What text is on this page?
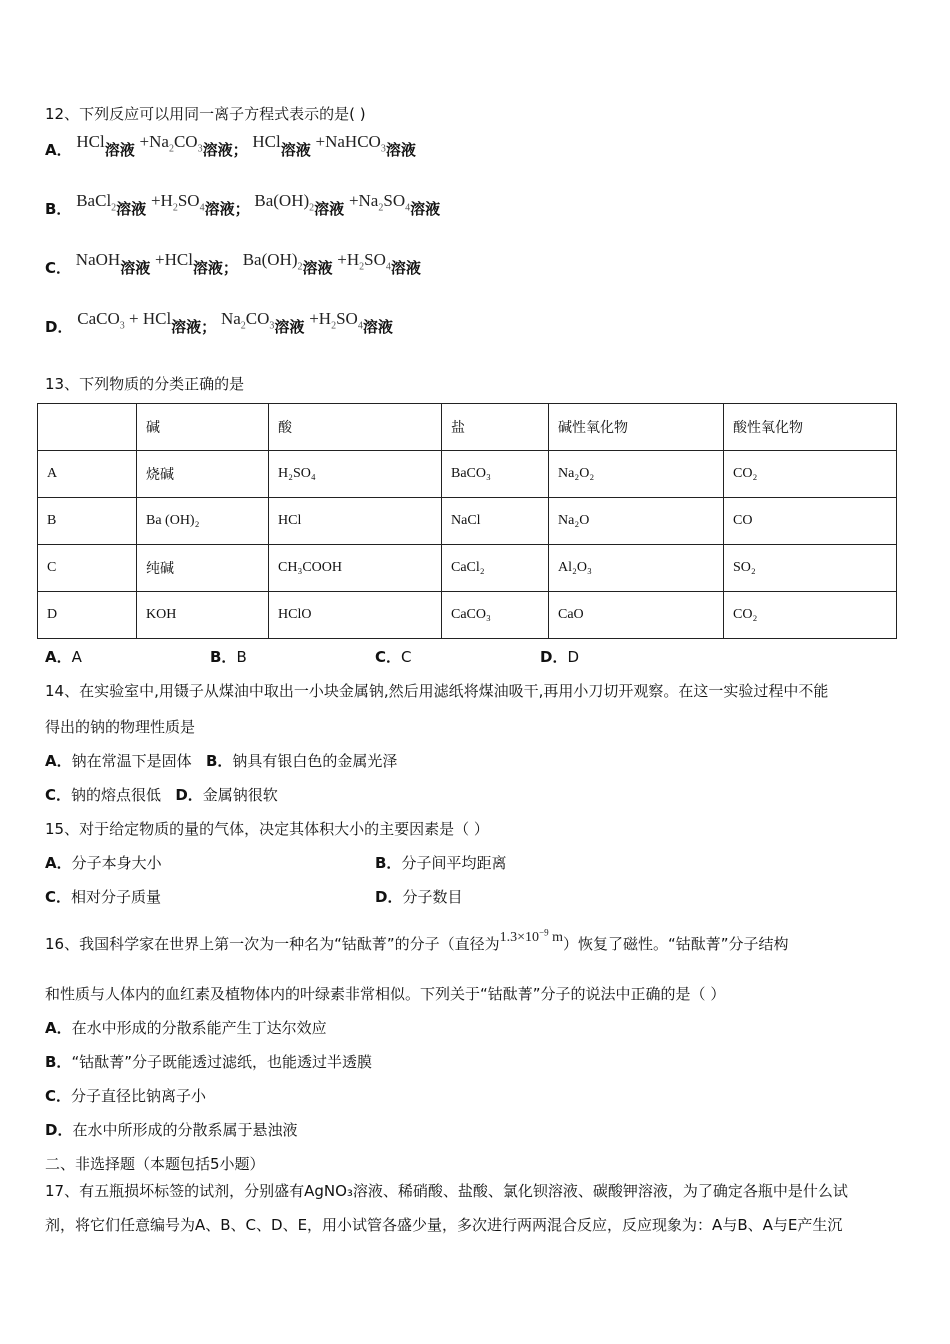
12、下列反应可以用同一离子方程式表示的是( )
A． HCl溶液 $+Na_2CO_3$溶液； HCl溶液 +NaHCO$_3$溶液
B． BaCl$_2$溶液 $+H_2SO_4$溶液； $Ba(OH)_2$溶液 $+Na_2SO_4$溶液
C． NaOH溶液 +HCl溶液； $Ba(OH)_2$溶液 $+H_2SO_4$溶液
D． CaCO$_3$ + HCl溶液； $Na_2CO_3$溶液 $+H_2SO_4$溶液
13、下列物质的分类正确的是
	碱	酸	盐	碱性氧化物	酸性氧化物
A	烧碱	H₂SO₄	BaCO₃	Na₂O₂	CO₂
B	Ba (OH)₂	HCl	NaCl	Na₂O	CO
C	纯碱	CH₃COOH	CaCl₂	Al₂O₃	SO₂
D	KOH	HClO	CaCO₃	CaO	CO₂
A．A	B．B	C．C	D．D
14、在实验室中,用镊子从煤油中取出一小块金属钠,然后用滤纸将煤油吸干,再用小刀切开观察。在这一实验过程中不能
得出的钠的物理性质是
A．钠在常温下是固体 B．钠具有银白色的金属光泽
C．钠的熔点很低 D．金属钠很软
15、对于给定物质的量的气体，决定其体积大小的主要因素是（ ）
A．分子本身大小	B．分子间平均距离
C．相对分子质量	D．分子数目
16、我国科学家在世界上第一次为一种名为“钴酞菁”的分子（直径为$1.3\times 10^{-9}$ m）恢复了磁性。“钴酞菁”分子结构
和性质与人体内的血红素及植物体内的叶绿素非常相似。下列关于“钴酞菁”分子的说法中正确的是（ ）
A．在水中形成的分散系能产生丁达尔效应
B．“钴酞菁”分子既能透过滤纸，也能透过半透膜
C．分子直径比钠离子小
D．在水中所形成的分散系属于悬浊液
二、非选择题（本题包括5小题）
17、有五瓶损坏标签的试剂，分别盛有AgNO₃溶液、稀硝酸、盐酸、氯化钡溶液、碳酸钾溶液，为了确定各瓶中是什么试
剂，将它们任意编号为A、B、C、D、E，用小试管各盛少量，多次进行两两混合反应，反应现象为：A与B、A与E产生沉
